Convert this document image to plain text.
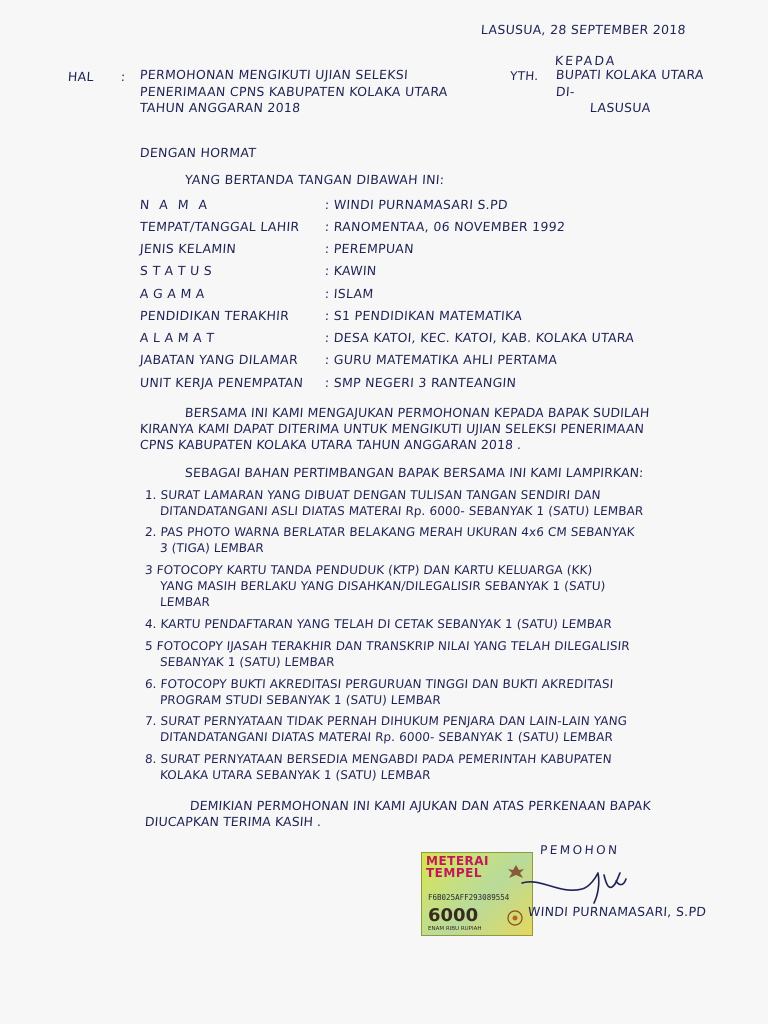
LASUSUA, 28 SEPTEMBER 2018
HAL : PERMOHONAN MENGIKUTI UJIAN SELEKSI
PENERIMAAN CPNS KABUPATEN KOLAKA UTARA
TAHUN ANGGARAN 2018
KEPADA
YTH. BUPATI KOLAKA UTARA
DI-
LASUSUA
DENGAN HORMAT
YANG BERTANDA TANGAN DIBAWAH INI:
N A M A	: WINDI PURNAMASARI S.PD
TEMPAT/TANGGAL LAHIR : RANOMENTAA, 06 NOVEMBER 1992
JENIS KELAMIN	: PEREMPUAN
S T A T U S	: KAWIN
A G A M A	: ISLAM
PENDIDIKAN TERAKHIR	: S1 PENDIDIKAN MATEMATIKA
A L A M A T	: DESA KATOI, KEC. KATOI, KAB. KOLAKA UTARA
JABATAN YANG DILAMAR : GURU MATEMATIKA AHLI PERTAMA
UNIT KERJA PENEMPATAN : SMP NEGERI 3 RANTEANGIN
BERSAMA INI KAMI MENGAJUKAN PERMOHONAN KEPADA BAPAK SUDILAH
KIRANYA KAMI DAPAT DITERIMA UNTUK MENGIKUTI UJIAN SELEKSI PENERIMAAN
CPNS KABUPATEN KOLAKA UTARA TAHUN ANGGARAN 2018 .
SEBAGAI BAHAN PERTIMBANGAN BAPAK BERSAMA INI KAMI LAMPIRKAN:
1. SURAT LAMARAN YANG DIBUAT DENGAN TULISAN TANGAN SENDIRI DAN
DITANDATANGANI ASLI DIATAS MATERAI Rp. 6000- SEBANYAK 1 (SATU) LEMBAR
2. PAS PHOTO WARNA BERLATAR BELAKANG MERAH UKURAN 4x6 CM SEBANYAK
3 (TIGA) LEMBAR
3 FOTOCOPY KARTU TANDA PENDUDUK (KTP) DAN KARTU KELUARGA (KK)
YANG MASIH BERLAKU YANG DISAHKAN/DILEGALISIR SEBANYAK 1 (SATU)
LEMBAR
4. KARTU PENDAFTARAN YANG TELAH DI CETAK SEBANYAK 1 (SATU) LEMBAR
5 FOTOCOPY IJASAH TERAKHIR DAN TRANSKRIP NILAI YANG TELAH DILEGALISIR
SEBANYAK 1 (SATU) LEMBAR
6. FOTOCOPY BUKTI AKREDITASI PERGURUAN TINGGI DAN BUKTI AKREDITASI
PROGRAM STUDI SEBANYAK 1 (SATU) LEMBAR
7. SURAT PERNYATAAN TIDAK PERNAH DIHUKUM PENJARA DAN LAIN-LAIN YANG
DITANDATANGANI DIATAS MATERAI Rp. 6000- SEBANYAK 1 (SATU) LEMBAR
8. SURAT PERNYATAAN BERSEDIA MENGABDI PADA PEMERINTAH KABUPATEN
KOLAKA UTARA SEBANYAK 1 (SATU) LEMBAR
DEMIKIAN PERMOHONAN INI KAMI AJUKAN DAN ATAS PERKENAAN BAPAK
DIUCAPKAN TERIMA KASIH .
PEMOHON
METERAI
TEMPEL
F6B025AFF293089554
6000
ENAM RIBU RUPIAH
WINDI PURNAMASARI, S.PD
